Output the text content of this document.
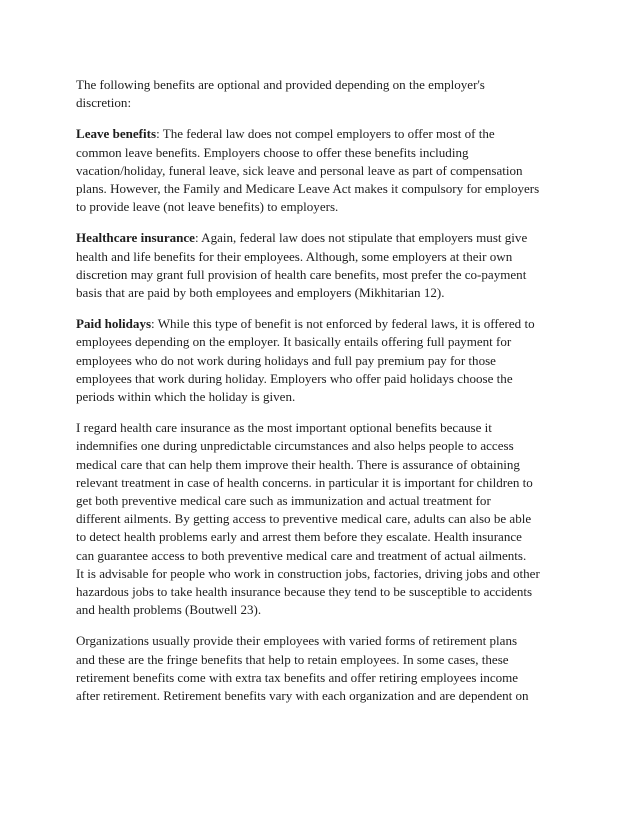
The following benefits are optional and provided depending on the employer's
discretion:

Leave benefits: The federal law does not compel employers to offer most of the
common leave benefits. Employers choose to offer these benefits including
vacation/holiday, funeral leave, sick leave and personal leave as part of compensation
plans. However, the Family and Medicare Leave Act makes it compulsory for employers
to provide leave (not leave benefits) to employers.

Healthcare insurance: Again, federal law does not stipulate that employers must give
health and life benefits for their employees. Although, some employers at their own
discretion may grant full provision of health care benefits, most prefer the co-payment
basis that are paid by both employees and employers (Mikhitarian 12).

Paid holidays: While this type of benefit is not enforced by federal laws, it is offered to
employees depending on the employer. It basically entails offering full payment for
employees who do not work during holidays and full pay premium pay for those
employees that work during holiday. Employers who offer paid holidays choose the
periods within which the holiday is given.

I regard health care insurance as the most important optional benefits because it
indemnifies one during unpredictable circumstances and also helps people to access
medical care that can help them improve their health. There is assurance of obtaining
relevant treatment in case of health concerns. in particular it is important for children to
get both preventive medical care such as immunization and actual treatment for
different ailments. By getting access to preventive medical care, adults can also be able
to detect health problems early and arrest them before they escalate. Health insurance
can guarantee access to both preventive medical care and treatment of actual ailments.
It is advisable for people who work in construction jobs, factories, driving jobs and other
hazardous jobs to take health insurance because they tend to be susceptible to accidents
and health problems (Boutwell 23).

Organizations usually provide their employees with varied forms of retirement plans
and these are the fringe benefits that help to retain employees. In some cases, these
retirement benefits come with extra tax benefits and offer retiring employees income
after retirement. Retirement benefits vary with each organization and are dependent on
